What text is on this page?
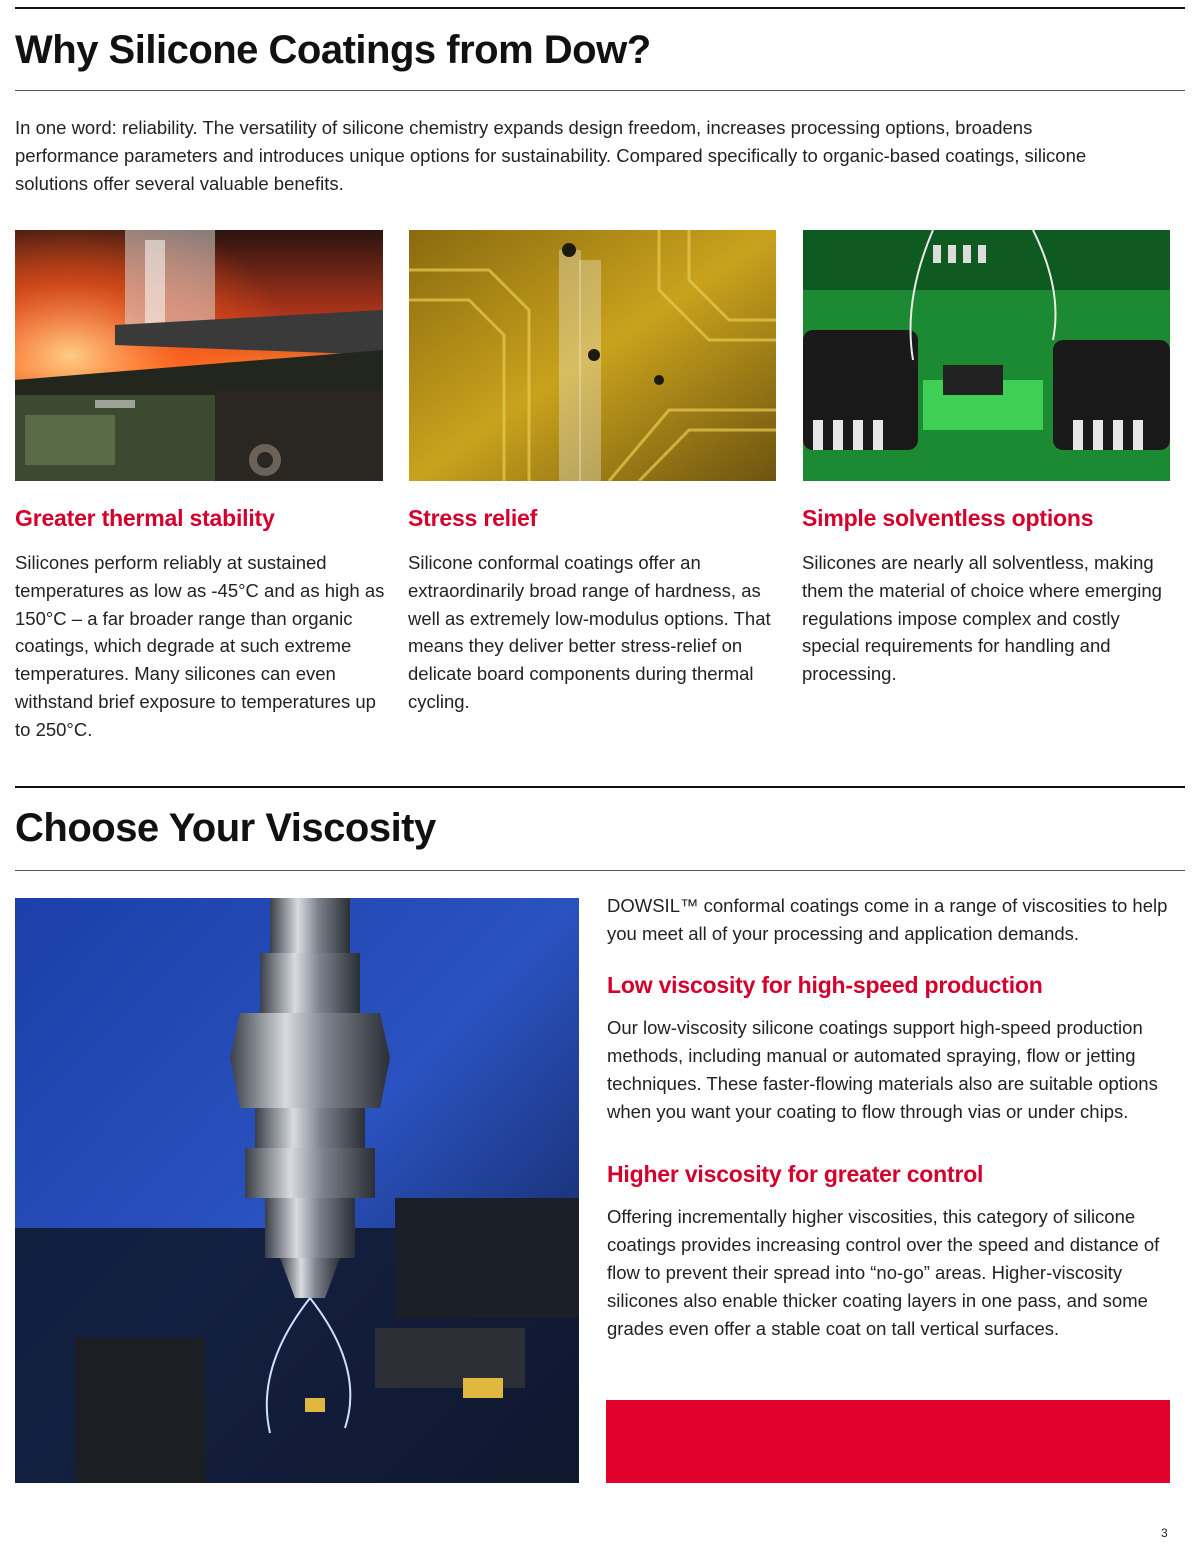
Why Silicone Coatings from Dow?

In one word: reliability. The versatility of silicone chemistry expands design freedom, increases processing options, broadens performance parameters and introduces unique options for sustainability. Compared specifically to organic-based coatings, silicone solutions offer several valuable benefits.

Greater thermal stability

Silicones perform reliably at sustained temperatures as low as -45°C and as high as 150°C – a far broader range than organic coatings, which degrade at such extreme temperatures. Many silicones can even withstand brief exposure to temperatures up to 250°C.

Stress relief

Silicone conformal coatings offer an extraordinarily broad range of hardness, as well as extremely low-modulus options. That means they deliver better stress-relief on delicate board components during thermal cycling.

Simple solventless options

Silicones are nearly all solventless, making them the material of choice where emerging regulations impose complex and costly special requirements for handling and processing.

Choose Your Viscosity

DOWSIL™ conformal coatings come in a range of viscosities to help you meet all of your processing and application demands.

Low viscosity for high-speed production

Our low-viscosity silicone coatings support high-speed production methods, including manual or automated spraying, flow or jetting techniques. These faster-flowing materials also are suitable options when you want your coating to flow through vias or under chips.

Higher viscosity for greater control

Offering incrementally higher viscosities, this category of silicone coatings provides increasing control over the speed and distance of flow to prevent their spread into “no-go” areas. Higher-viscosity silicones also enable thicker coating layers in one pass, and some grades even offer a stable coat on tall vertical surfaces.

3
